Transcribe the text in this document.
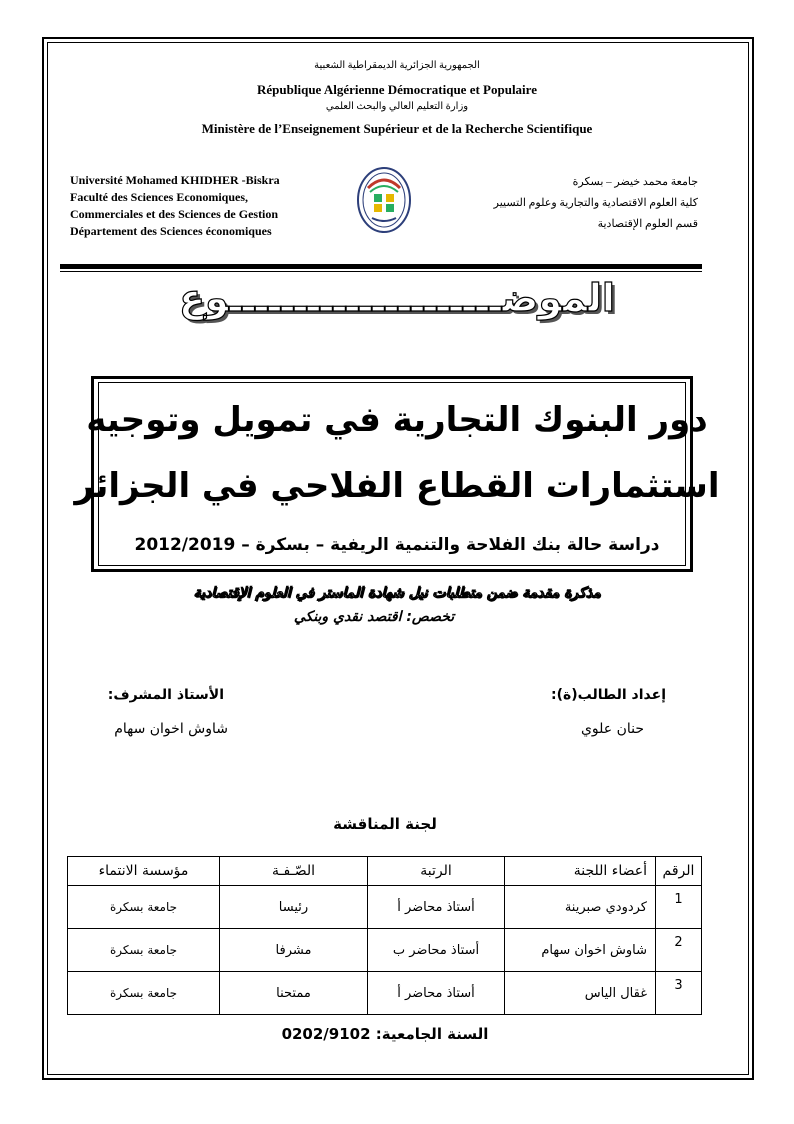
الجمهورية الجزائرية الديمقراطية الشعبية
République Algérienne Démocratique et Populaire
وزارة التعليم العالي والبحث العلمي
Ministère de l’Enseignement Supérieur et de la Recherche Scientifique
Université Mohamed KHIDHER -Biskra
Faculté des Sciences Economiques,
Commerciales et des Sciences de Gestion
Département des Sciences économiques
جامعة محمد خيضر – بسكرة
كلية العلوم الاقتصادية والتجارية وعلوم التسيير
قسم العلوم الإقتصادية
الموضـــــــــــــــــــــوع
دور البنوك التجارية في تمويل وتوجيه
استثمارات القطاع الفلاحي في الجزائر
دراسة حالة بنك الفلاحة والتنمية الريفية – بسكرة – 2012/2019
مذكرة مقدمة ضمن متطلبات نيل شهادة الماستر في العلوم الإقتصادية
تخصص: اقتصد نقدي وبنكي
إعداد الطالب(ة):
حنان علوي
الأستاذ المشرف:
شاوش اخوان سهام
لجنة المناقشة
الرقم	أعضاء اللجنة	الرتبة	الصّـفـة	مؤسسة الانتماء
1	كردودي صبرينة	أستاذ محاضر أ	رئيسا	جامعة بسكرة
2	شاوش اخوان سهام	أستاذ محاضر ب	مشرفا	جامعة بسكرة
3	غقال الياس	أستاذ محاضر أ	ممتحنا	جامعة بسكرة
السنة الجامعية: 0202/9102
